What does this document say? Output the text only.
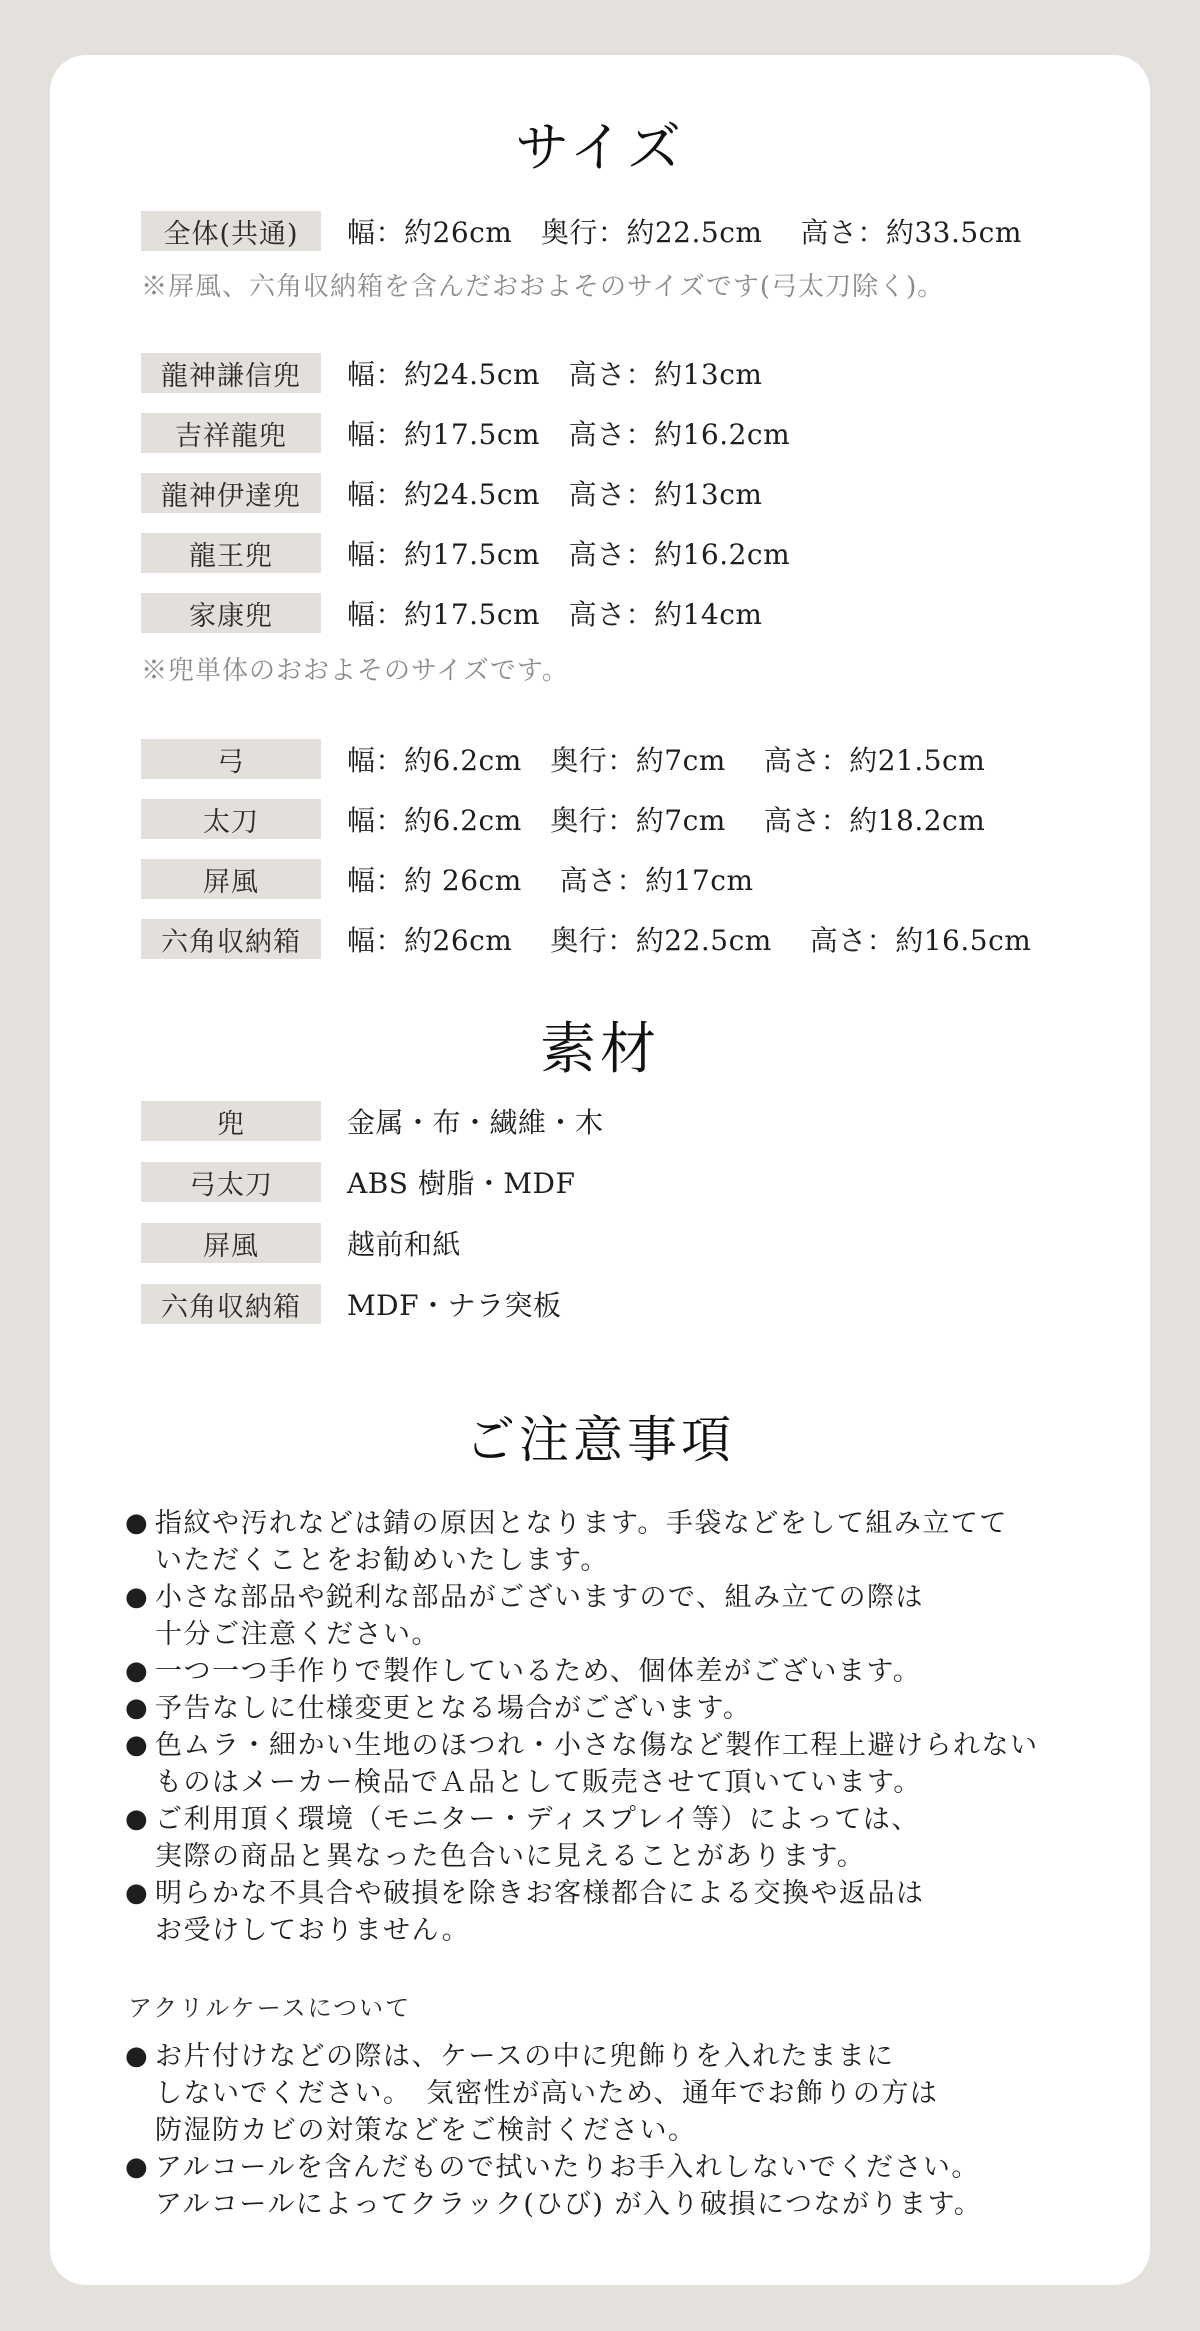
サイズ
全体(共通)	幅：約26cm　奥行：約22.5cm　 高さ：約33.5cm
※屏風、六角収納箱を含んだおおよそのサイズです(弓太刀除く)。
龍神謙信兜	幅：約24.5cm　高さ：約13cm
吉祥龍兜	幅：約17.5cm　高さ：約16.2cm
龍神伊達兜	幅：約24.5cm　高さ：約13cm
龍王兜	幅：約17.5cm　高さ：約16.2cm
家康兜	幅：約17.5cm　高さ：約14cm
※兜単体のおおよそのサイズです。
弓	幅：約6.2cm　奥行：約7cm　 高さ：約21.5cm
太刀	幅：約6.2cm　奥行：約7cm　 高さ：約18.2cm
屏風	幅：約 26cm　 高さ：約17cm
六角収納箱	幅：約26cm　 奥行：約22.5cm　 高さ：約16.5cm
素材
兜	金属・布・繊維・木
弓太刀	ABS 樹脂・MDF
屏風	越前和紙
六角収納箱	MDF・ナラ突板
ご注意事項
● 指紋や汚れなどは錆の原因となります。手袋などをして組み立てて
いただくことをお勧めいたします。
● 小さな部品や鋭利な部品がございますので、組み立ての際は
十分ご注意ください。
● 一つ一つ手作りで製作しているため、個体差がございます。
● 予告なしに仕様変更となる場合がございます。
● 色ムラ・細かい生地のほつれ・小さな傷など製作工程上避けられない
ものはメーカー検品でＡ品として販売させて頂いています。
● ご利用頂く環境（モニター・ディスプレイ等）によっては、
実際の商品と異なった色合いに見えることがあります。
● 明らかな不具合や破損を除きお客様都合による交換や返品は
お受けしておりません。
アクリルケースについて
● お片付けなどの際は、ケースの中に兜飾りを入れたままに
しないでください。　気密性が高いため、通年でお飾りの方は
防湿防カビの対策などをご検討ください。
● アルコールを含んだもので拭いたりお手入れしないでください。
アルコールによってクラック(ひび) が入り破損につながります。
